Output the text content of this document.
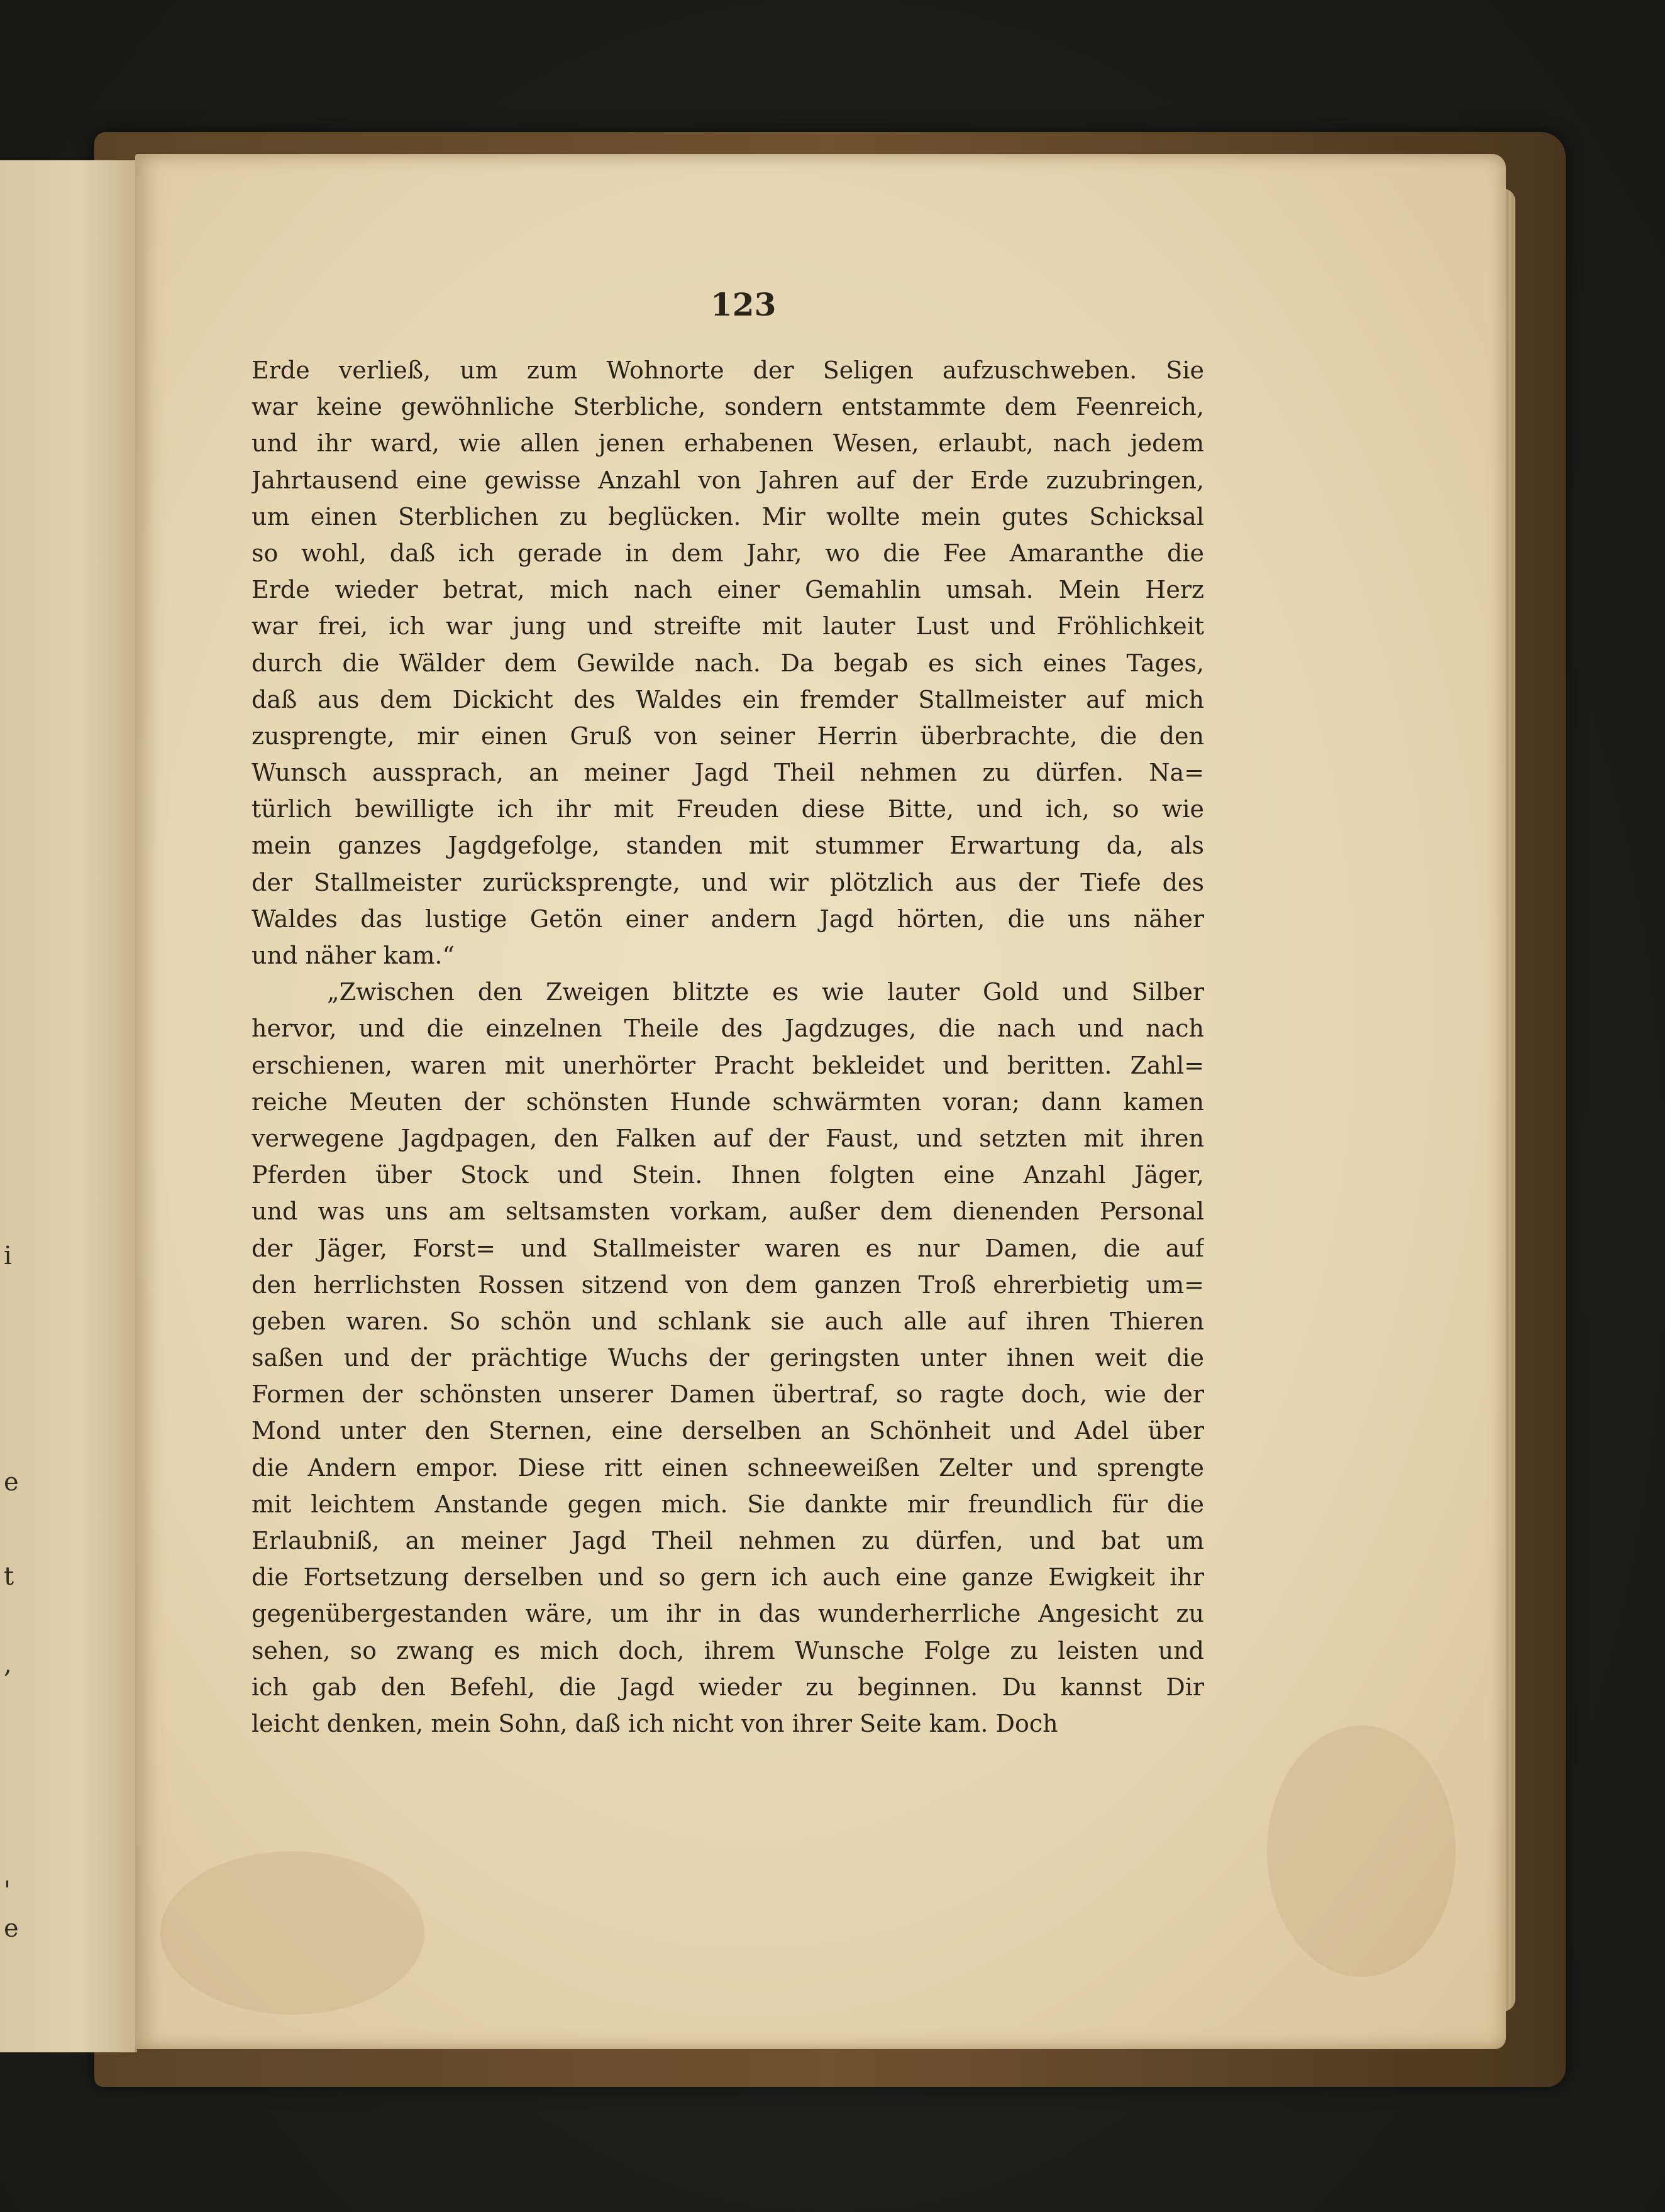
i
e
t
,
'
e
123
Erde verließ, um zum Wohnorte der Seligen aufzuschweben. Sie
war keine gewöhnliche Sterbliche, sondern entstammte dem Feenreich,
und ihr ward, wie allen jenen erhabenen Wesen, erlaubt, nach jedem
Jahrtausend eine gewisse Anzahl von Jahren auf der Erde zuzubringen,
um einen Sterblichen zu beglücken. Mir wollte mein gutes Schicksal
so wohl, daß ich gerade in dem Jahr, wo die Fee Amaranthe die
Erde wieder betrat, mich nach einer Gemahlin umsah. Mein Herz
war frei, ich war jung und streifte mit lauter Lust und Fröhlichkeit
durch die Wälder dem Gewilde nach. Da begab es sich eines Tages,
daß aus dem Dickicht des Waldes ein fremder Stallmeister auf mich
zusprengte, mir einen Gruß von seiner Herrin überbrachte, die den
Wunsch aussprach, an meiner Jagd Theil nehmen zu dürfen. Na=
türlich bewilligte ich ihr mit Freuden diese Bitte, und ich, so wie
mein ganzes Jagdgefolge, standen mit stummer Erwartung da, als
der Stallmeister zurücksprengte, und wir plötzlich aus der Tiefe des
Waldes das lustige Getön einer andern Jagd hörten, die uns näher
und näher kam.“
„Zwischen den Zweigen blitzte es wie lauter Gold und Silber
hervor, und die einzelnen Theile des Jagdzuges, die nach und nach
erschienen, waren mit unerhörter Pracht bekleidet und beritten. Zahl=
reiche Meuten der schönsten Hunde schwärmten voran; dann kamen
verwegene Jagdpagen, den Falken auf der Faust, und setzten mit ihren
Pferden über Stock und Stein. Ihnen folgten eine Anzahl Jäger,
und was uns am seltsamsten vorkam, außer dem dienenden Personal
der Jäger, Forst= und Stallmeister waren es nur Damen, die auf
den herrlichsten Rossen sitzend von dem ganzen Troß ehrerbietig um=
geben waren. So schön und schlank sie auch alle auf ihren Thieren
saßen und der prächtige Wuchs der geringsten unter ihnen weit die
Formen der schönsten unserer Damen übertraf, so ragte doch, wie der
Mond unter den Sternen, eine derselben an Schönheit und Adel über
die Andern empor. Diese ritt einen schneeweißen Zelter und sprengte
mit leichtem Anstande gegen mich. Sie dankte mir freundlich für die
Erlaubniß, an meiner Jagd Theil nehmen zu dürfen, und bat um
die Fortsetzung derselben und so gern ich auch eine ganze Ewigkeit ihr
gegenübergestanden wäre, um ihr in das wunderherrliche Angesicht zu
sehen, so zwang es mich doch, ihrem Wunsche Folge zu leisten und
ich gab den Befehl, die Jagd wieder zu beginnen. Du kannst Dir
leicht denken, mein Sohn, daß ich nicht von ihrer Seite kam. Doch
